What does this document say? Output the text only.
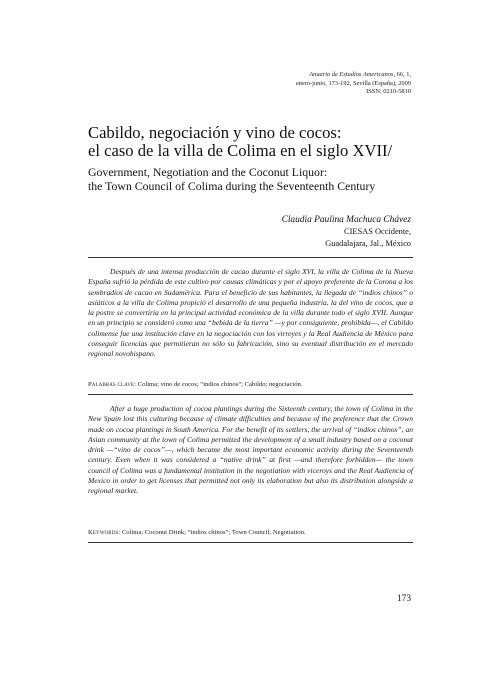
Anuario de Estudios Americanos, 66, 1,
enero-junio, 173-192, Sevilla (España), 2009
ISSN: 0210-5810
Cabildo, negociación y vino de cocos:
el caso de la villa de Colima en el siglo XVII/
Government, Negotiation and the Coconut Liquor:
the Town Council of Colima during the Seventeenth Century
Claudia Paulina Machuca Chávez
CIESAS Occidente,
Guadalajara, Jal., México

Después de una intensa producción de cacao durante el siglo XVI, la villa de Colima de la Nueva España sufrió la pérdida de este cultivo por causas climáticas y por el apoyo preferente de la Corona a los sembradíos de cacao en Sudamérica. Para el beneficio de sus habitantes, la llegada de “indios chinos” o asiáticos a la villa de Colima propició el desarrollo de una pequeña industria, la del vino de cocos, que a la postre se convertiría en la principal actividad económica de la villa durante todo el siglo XVII. Aunque en un principio se consideró como una “bebida de la tierra” —y por consiguiente, prohibida—, el Cabildo colimense fue una institución clave en la negociación con los virreyes y la Real Audiencia de México para conseguir licencias que permitieran no sólo su fabricación, sino su eventual distribución en el mercado regional novohispano.

Palabras clave: Colima; vino de cocos; “indios chinos”; Cabildo; negociación.

After a huge production of cocoa plantings during the Sixteenth century, the town of Colima in the New Spain lost this culturing because of climate difficulties and because of the preference that the Crown made on cocoa plantings in South America. For the benefit of its settlers, the arrival of “indios chinos”, an Asian community at the town of Colima permitted the development of a small industry based on a coconut drink —“vino de cocos”—, which became the most important economic activity during the Seventeenth century. Even when it was considered a “native drink” at first —and therefore forbidden— the town council of Colima was a fundamental institution in the negotiation with viceroys and the Real Audiencia of Mexico in order to get licenses that permitted not only its elaboration but also its distribution alongside a regional market.

Keywords: Colima; Coconut Drink; “indios chinos”; Town Council; Negotiation.

173
